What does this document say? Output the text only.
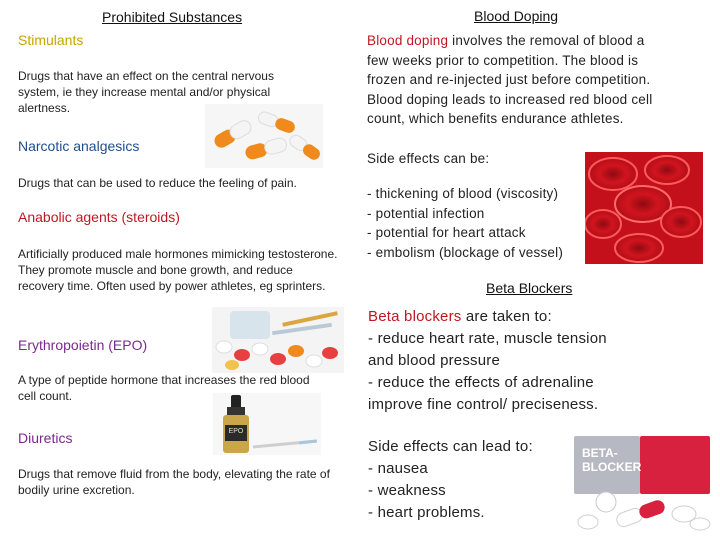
Prohibited Substances
Stimulants
Drugs that have an effect on the central nervous system, ie they increase mental and/or physical alertness.
Narcotic analgesics
Drugs that can be used to reduce the feeling of pain.
Anabolic agents (steroids)
Artificially produced male hormones mimicking testosterone. They promote muscle and bone growth, and reduce recovery time. Often used by power athletes, eg sprinters.
Erythropoietin (EPO)
A type of peptide hormone that increases the red blood cell count.
EPO
Diuretics
Drugs that remove fluid from the body, elevating the rate of bodily urine excretion.
Blood Doping
Blood doping involves the removal of blood a
few weeks prior to competition. The blood is
frozen and re-injected just before competition.
Blood doping leads to increased red blood cell
count, which benefits endurance athletes.
Side effects can be:
- thickening of blood (viscosity)
- potential infection
- potential for heart attack
- embolism (blockage of vessel)
Beta Blockers
Beta blockers are taken to:
- reduce heart rate, muscle tension
and blood pressure
- reduce the effects of adrenaline
improve fine control/ preciseness.
Side effects can lead to:
- nausea
- weakness
- heart problems.
BETA-
BLOCKER
